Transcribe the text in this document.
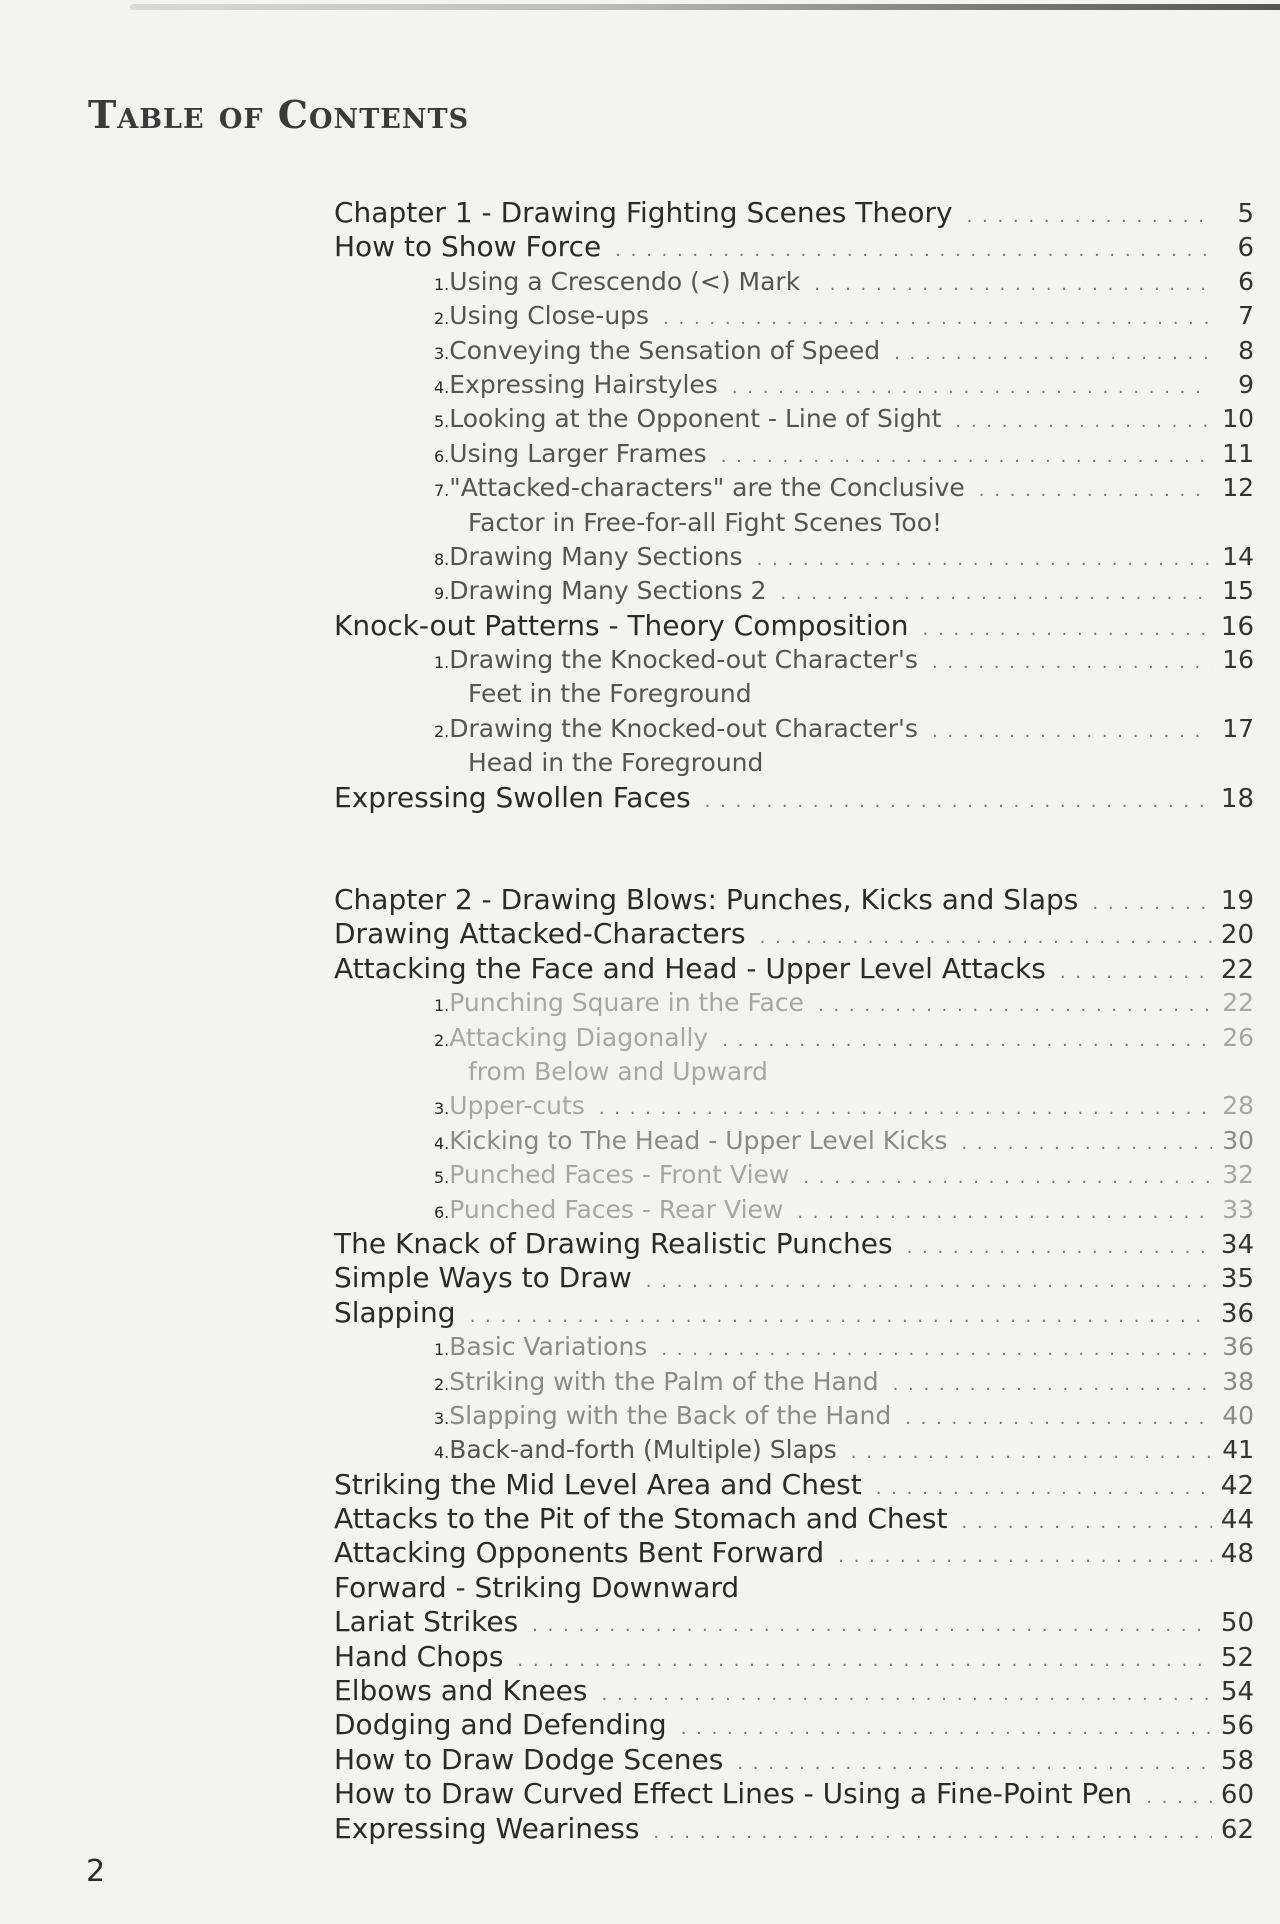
Table of Contents
Chapter 1 - Drawing Fighting Scenes Theory . . .	5
How to Show Force . . .	6
1. Using a Crescendo (<) Mark . . .	6
2. Using Close-ups . . .	7
3. Conveying the Sensation of Speed . . .	8
4. Expressing Hairstyles . . .	9
5. Looking at the Opponent - Line of Sight . . .	10
6. Using Larger Frames . . .	11
7. "Attacked-characters" are the Conclusive . . .	12
Factor in Free-for-all Fight Scenes Too!
8. Drawing Many Sections . . .	14
9. Drawing Many Sections 2 . . .	15
Knock-out Patterns - Theory Composition . . .	16
1. Drawing the Knocked-out Character's . . .	16
Feet in the Foreground
2. Drawing the Knocked-out Character's . . .	17
Head in the Foreground
Expressing Swollen Faces . . .	18
Chapter 2 - Drawing Blows: Punches, Kicks and Slaps . . .	19
Drawing Attacked-Characters . . .	20
Attacking the Face and Head - Upper Level Attacks . . .	22
1. Punching Square in the Face . . .	22
2. Attacking Diagonally . . .	26
from Below and Upward
3. Upper-cuts . . .	28
4. Kicking to The Head - Upper Level Kicks . . .	30
5. Punched Faces - Front View . . .	32
6. Punched Faces - Rear View . . .	33
The Knack of Drawing Realistic Punches . . .	34
Simple Ways to Draw . . .	35
Slapping . . .	36
1. Basic Variations . . .	36
2. Striking with the Palm of the Hand . . .	38
3. Slapping with the Back of the Hand . . .	40
4. Back-and-forth (Multiple) Slaps . . .	41
Striking the Mid Level Area and Chest . . .	42
Attacks to the Pit of the Stomach and Chest . . .	44
Attacking Opponents Bent Forward . . .	48
Forward - Striking Downward
Lariat Strikes . . .	50
Hand Chops . . .	52
Elbows and Knees . . .	54
Dodging and Defending . . .	56
How to Draw Dodge Scenes . . .	58
How to Draw Curved Effect Lines - Using a Fine-Point Pen . . .	60
Expressing Weariness . . .	62
2
